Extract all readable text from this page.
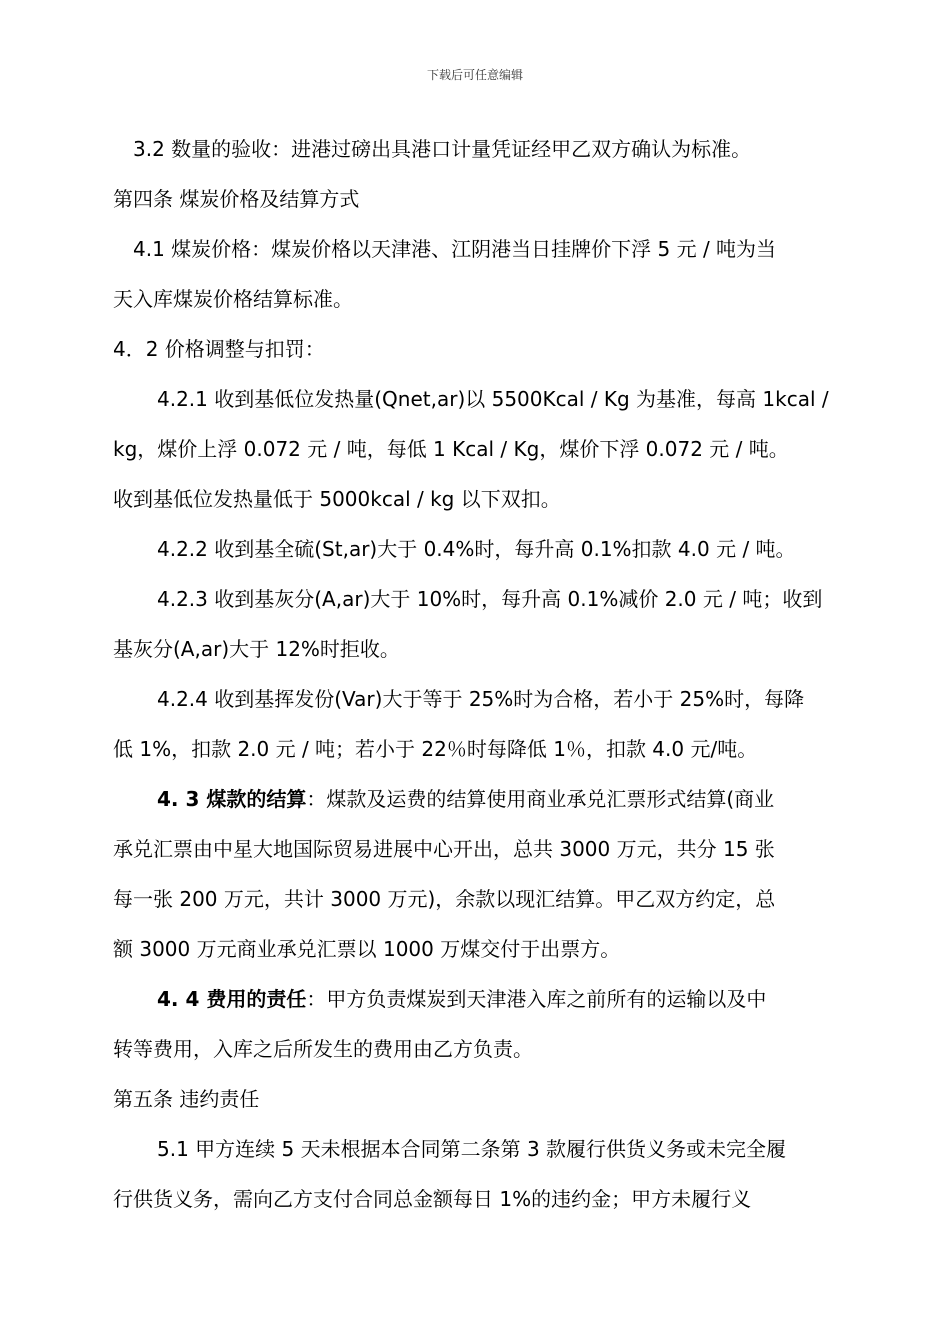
下载后可任意编辑
3.2 数量的验收：进港过磅出具港口计量凭证经甲乙双方确认为标准。
第四条 煤炭价格及结算方式
4.1 煤炭价格：煤炭价格以天津港、江阴港当日挂牌价下浮 5 元 / 吨为当
天入库煤炭价格结算标准。
4．2 价格调整与扣罚：
4.2.1 收到基低位发热量(Qnet,ar)以 5500Kcal / Kg 为基准，每高 1kcal /
kg，煤价上浮 0.072 元 / 吨，每低 1 Kcal / Kg，煤价下浮 0.072 元 / 吨。
收到基低位发热量低于 5000kcal / kg 以下双扣。
4.2.2 收到基全硫(St,ar)大于 0.4%时，每升高 0.1%扣款 4.0 元 / 吨。
4.2.3 收到基灰分(A,ar)大于 10%时，每升高 0.1%减价 2.0 元 / 吨；收到
基灰分(A,ar)大于 12%时拒收。
4.2.4 收到基挥发份(Var)大于等于 25%时为合格，若小于 25%时，每降
低 1%，扣款 2.0 元 / 吨；若小于 22％时每降低 1％，扣款 4.0 元/吨。
4. 3 煤款的结算：煤款及运费的结算使用商业承兑汇票形式结算(商业
承兑汇票由中星大地国际贸易进展中心开出，总共 3000 万元，共分 15 张
每一张 200 万元，共计 3000 万元)，余款以现汇结算。甲乙双方约定，总
额 3000 万元商业承兑汇票以 1000 万煤交付于出票方。
4. 4 费用的责任：甲方负责煤炭到天津港入库之前所有的运输以及中
转等费用，入库之后所发生的费用由乙方负责。
第五条 违约责任
5.1 甲方连续 5 天未根据本合同第二条第 3 款履行供货义务或未完全履
行供货义务，需向乙方支付合同总金额每日 1%的违约金；甲方未履行义
